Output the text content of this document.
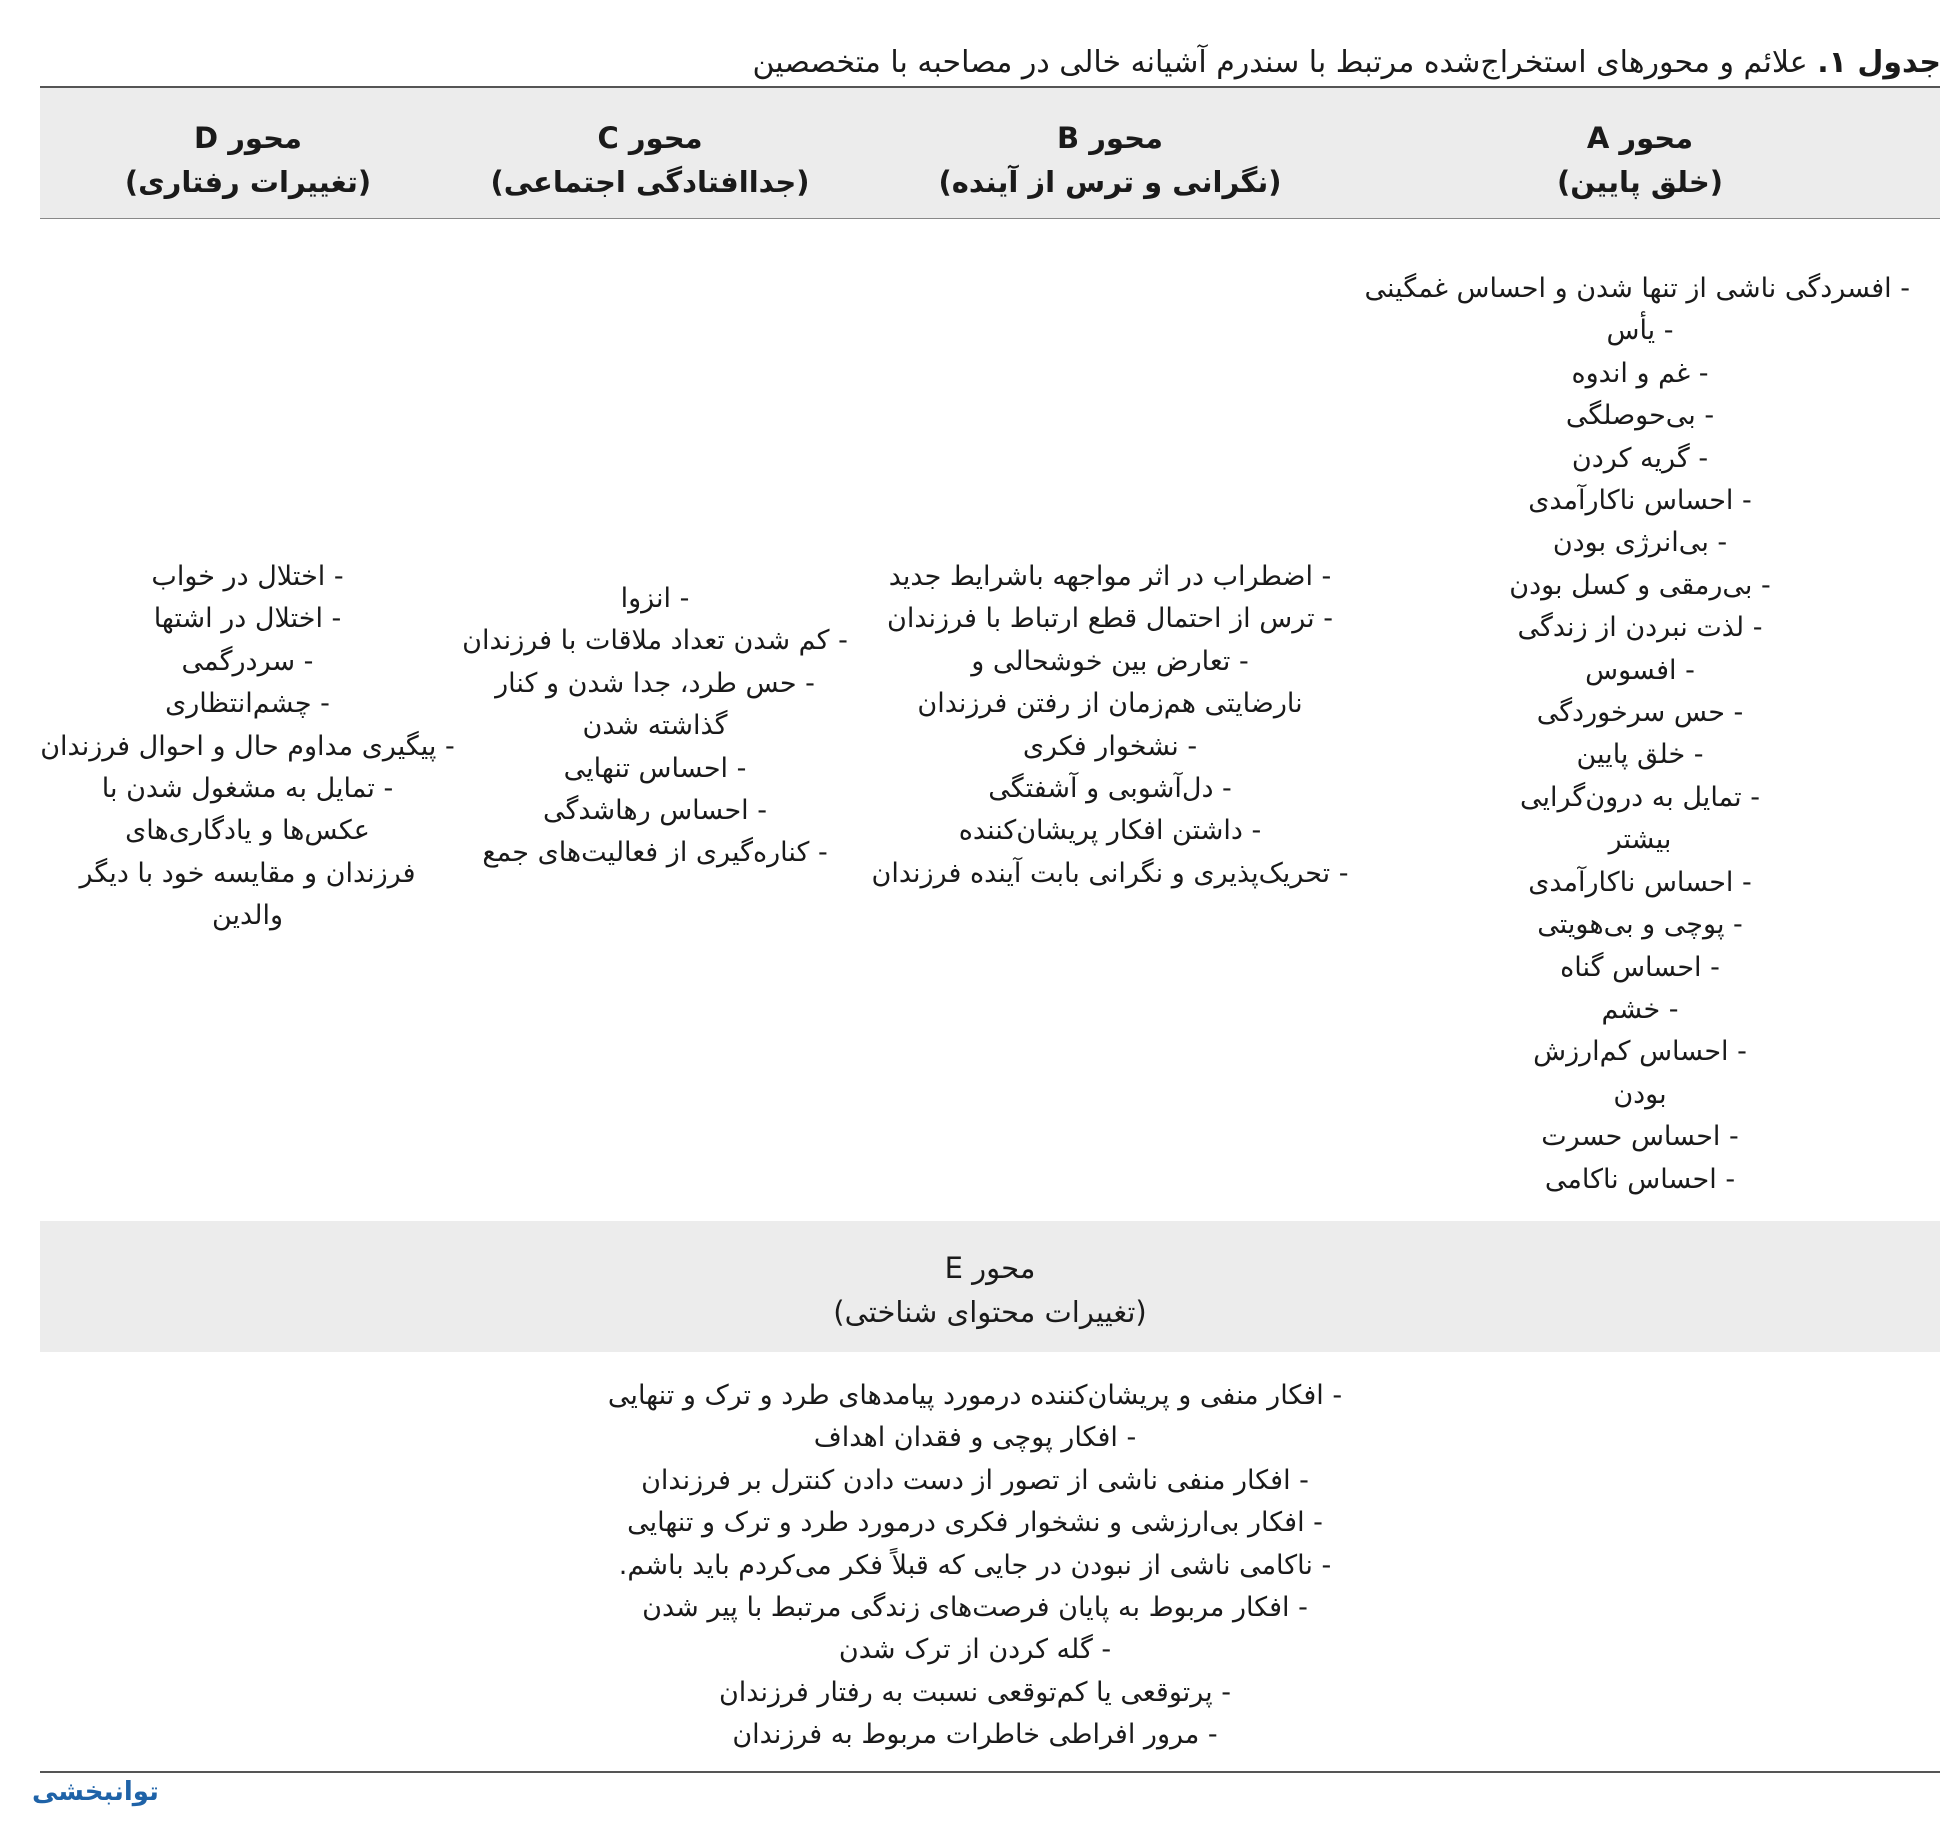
جدول ۱. علائم و محورهای استخراج‌شده مرتبط با سندرم آشیانه خالی در مصاحبه با متخصصین
محور A
(خلق پایین)
محور B
(نگرانی و ترس از آینده)
محور C
(جداافتادگی اجتماعی)
محور D
(تغییرات رفتاری)
- افسردگی ناشی از تنها شدن و احساس غمگینی
- یأس
- غم و اندوه
- بی‌حوصلگی
- گریه کردن
- احساس ناکارآمدی
- بی‌انرژی بودن
- بی‌رمقی و کسل بودن
- لذت نبردن از زندگی
- افسوس
- حس سرخوردگی
- خلق پایین
- تمایل به درون‌گرایی
بیشتر
- احساس ناکارآمدی
- پوچی و بی‌هویتی
- احساس گناه
- خشم
- احساس کم‌ارزش
بودن
- احساس حسرت
- احساس ناکامی
- اضطراب در اثر مواجهه باشرایط جدید
- ترس از احتمال قطع ارتباط با فرزندان
- تعارض بین خوشحالی و
نارضایتی هم‌زمان از رفتن فرزندان
- نشخوار فکری
- دل‌آشوبی و آشفتگی
- داشتن افکار پریشان‌کننده
- تحریک‌پذیری و نگرانی بابت آینده فرزندان
- انزوا
- کم شدن تعداد ملاقات با فرزندان
- حس طرد، جدا شدن و کنار
گذاشته شدن
- احساس تنهایی
- احساس رهاشدگی
- کناره‌گیری از فعالیت‌های جمع
- اختلال در خواب
- اختلال در اشتها
- سردرگمی
- چشم‌انتظاری
- پیگیری مداوم حال و احوال فرزندان
- تمایل به مشغول شدن با
عکس‌ها و یادگاری‌های
فرزندان و مقایسه خود با دیگر والدین
محور E
(تغییرات محتوای شناختی)
- افکار منفی و پریشان‌کننده درمورد پیامدهای طرد و ترک و تنهایی
- افکار پوچی و فقدان اهداف
- افکار منفی ناشی از تصور از دست دادن کنترل بر فرزندان
- افکار بی‌ارزشی و نشخوار فکری درمورد طرد و ترک و تنهایی
- ناکامی ناشی از نبودن در جایی که قبلاً فکر می‌کردم باید باشم.
- افکار مربوط به پایان فرصت‌های زندگی مرتبط با پیر شدن
- گله کردن از ترک شدن
- پرتوقعی یا کم‌توقعی نسبت به رفتار فرزندان
- مرور افراطی خاطرات مربوط به فرزندان
توانبخشی
